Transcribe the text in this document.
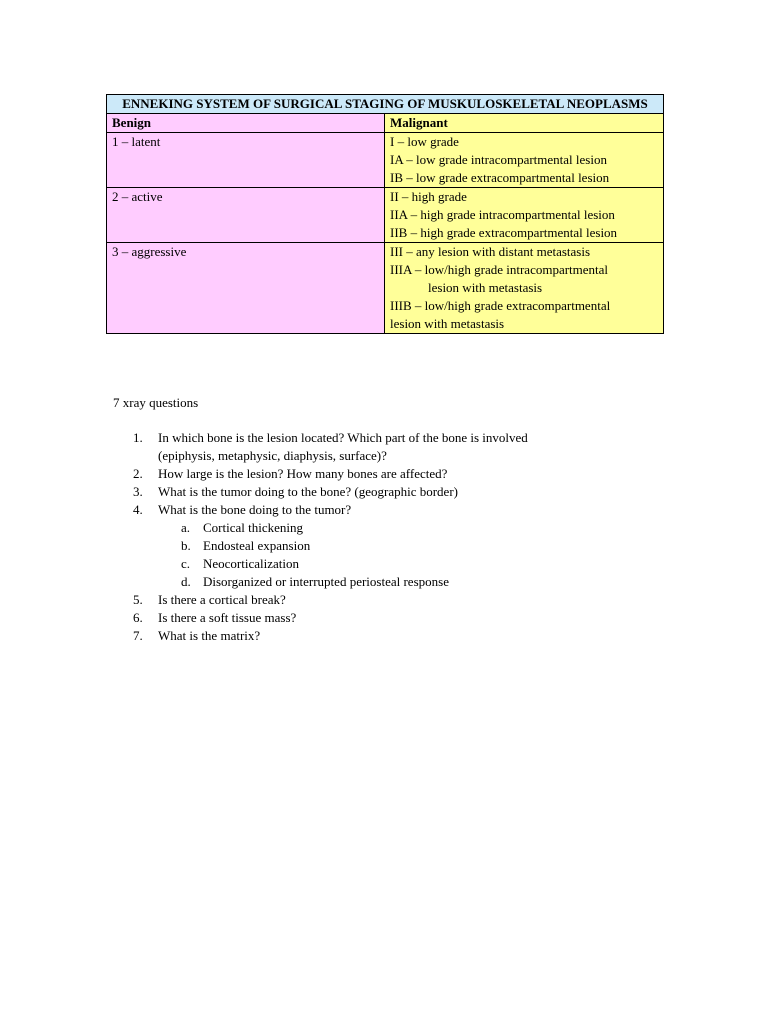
ENNEKING SYSTEM OF SURGICAL STAGING OF MUSKULOSKELETAL NEOPLASMS	
Benign	Malignant
1 – latent	I – low grade
IA – low grade intracompartmental lesion
IB – low grade extracompartmental lesion

2 – active	II – high grade
IIA – high grade intracompartmental lesion
IIB – high grade extracompartmental lesion

3 – aggressive	III – any lesion with distant metastasis
IIIA – low/high grade intracompartmental
lesion with metastasis
IIIB – low/high grade extracompartmental
lesion with metastasis
7 xray questions
1. In which bone is the lesion located? Which part of the bone is involved
(epiphysis, metaphysic, diaphysis, surface)?
2. How large is the lesion? How many bones are affected?
3. What is the tumor doing to the bone? (geographic border)
4. What is the bone doing to the tumor?
a. Cortical thickening
b. Endosteal expansion
c. Neocorticalization
d. Disorganized or interrupted periosteal response
5. Is there a cortical break?
6. Is there a soft tissue mass?
7. What is the matrix?
